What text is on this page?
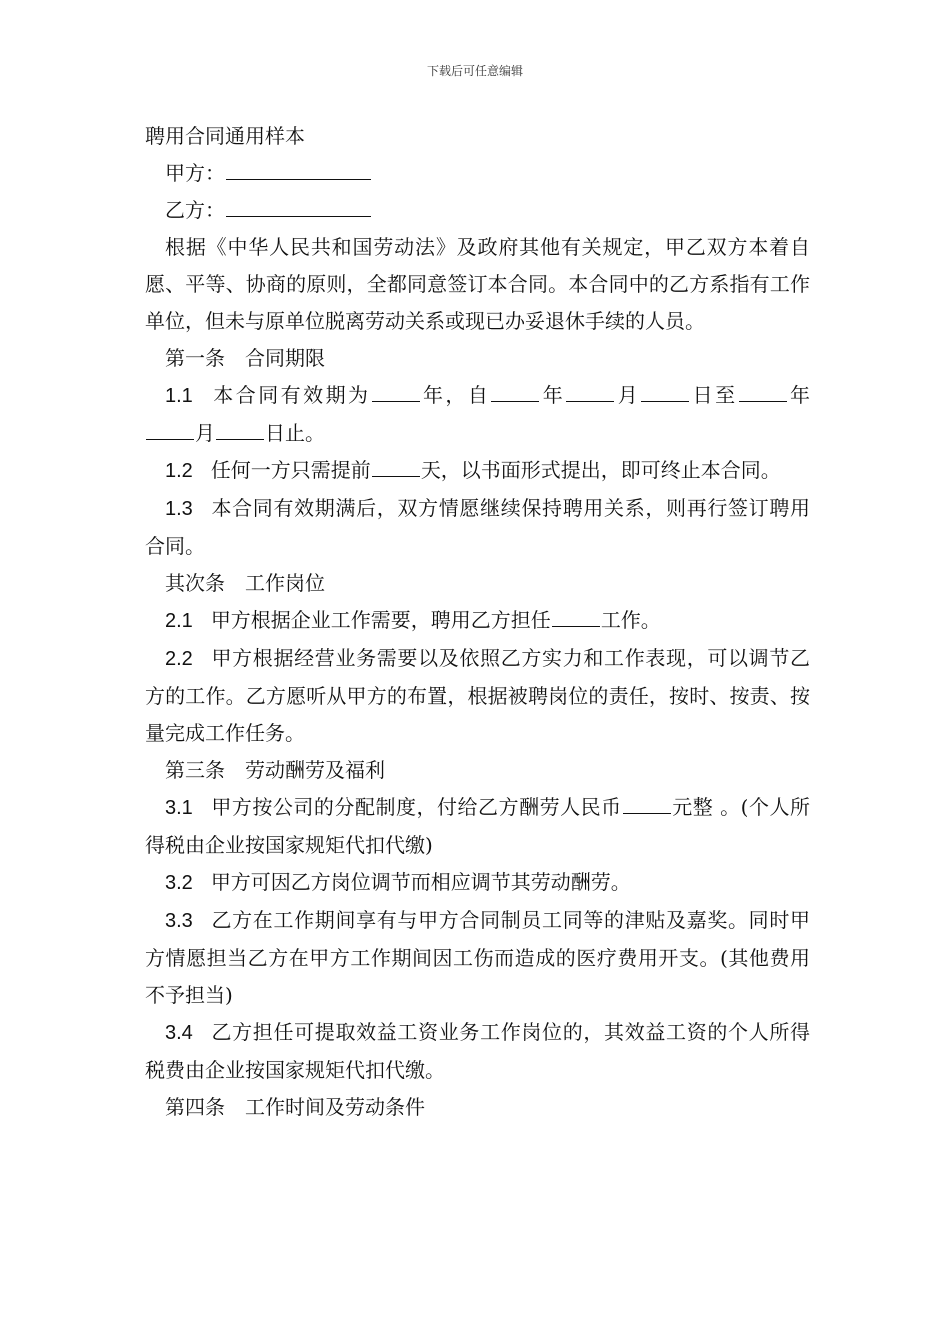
下载后可任意编辑

聘用合同通用样本

甲方：

乙方：

根据《中华人民共和国劳动法》及政府其他有关规定，甲乙双方本着自愿、平等、协商的原则，全都同意签订本合同。本合同中的乙方系指有工作单位，但未与原单位脱离劳动关系或现已办妥退休手续的人员。

第一条　合同期限

1.1 本合同有效期为	年，自	年	月	日至	年月	日止。

1.2 任何一方只需提前	天，以书面形式提出，即可终止本合同。

1.3 本合同有效期满后，双方情愿继续保持聘用关系，则再行签订聘用合同。

其次条　工作岗位

2.1 甲方根据企业工作需要，聘用乙方担任	工作。

2.2 甲方根据经营业务需要以及依照乙方实力和工作表现，可以调节乙方的工作。乙方愿听从甲方的布置，根据被聘岗位的责任，按时、按责、按量完成工作任务。

第三条　劳动酬劳及福利

3.1 甲方按公司的分配制度，付给乙方酬劳人民币	元整 。(个人所得税由企业按国家规矩代扣代缴)

3.2 甲方可因乙方岗位调节而相应调节其劳动酬劳。

3.3 乙方在工作期间享有与甲方合同制员工同等的津贴及嘉奖。同时甲方情愿担当乙方在甲方工作期间因工伤而造成的医疗费用开支。(其他费用不予担当)

3.4 乙方担任可提取效益工资业务工作岗位的，其效益工资的个人所得税费由企业按国家规矩代扣代缴。

第四条　工作时间及劳动条件
